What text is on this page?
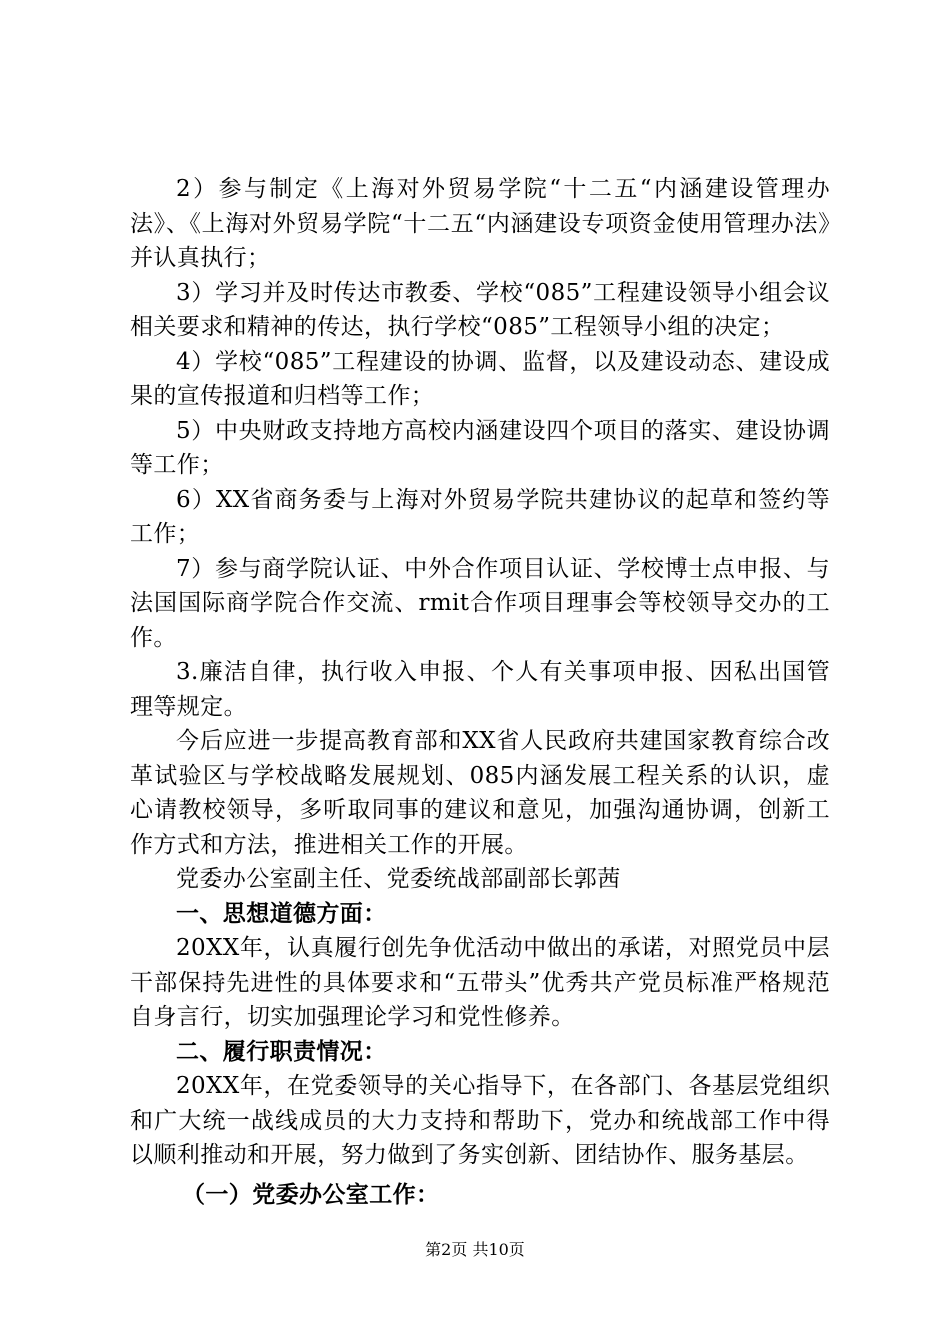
2）参与制定《上海对外贸易学院“十二五“内涵建设管理办法》、《上海对外贸易学院“十二五“内涵建设专项资金使用管理办法》并认真执行；

3）学习并及时传达市教委、学校“085”工程建设领导小组会议相关要求和精神的传达，执行学校“085”工程领导小组的决定；

4）学校“085”工程建设的协调、监督，以及建设动态、建设成果的宣传报道和归档等工作；

5）中央财政支持地方高校内涵建设四个项目的落实、建设协调等工作；

6）XX省商务委与上海对外贸易学院共建协议的起草和签约等工作；

7）参与商学院认证、中外合作项目认证、学校博士点申报、与法国国际商学院合作交流、rmit合作项目理事会等校领导交办的工作。

3.廉洁自律，执行收入申报、个人有关事项申报、因私出国管理等规定。

今后应进一步提高教育部和XX省人民政府共建国家教育综合改革试验区与学校战略发展规划、085内涵发展工程关系的认识，虚心请教校领导，多听取同事的建议和意见，加强沟通协调，创新工作方式和方法，推进相关工作的开展。

党委办公室副主任、党委统战部副部长郭茜

一、思想道德方面：

20XX年，认真履行创先争优活动中做出的承诺，对照党员中层干部保持先进性的具体要求和“五带头”优秀共产党员标准严格规范自身言行，切实加强理论学习和党性修养。

二、履行职责情况：

20XX年，在党委领导的关心指导下，在各部门、各基层党组织和广大统一战线成员的大力支持和帮助下，党办和统战部工作中得以顺利推动和开展，努力做到了务实创新、团结协作、服务基层。

（一）党委办公室工作：

第2页 共10页
